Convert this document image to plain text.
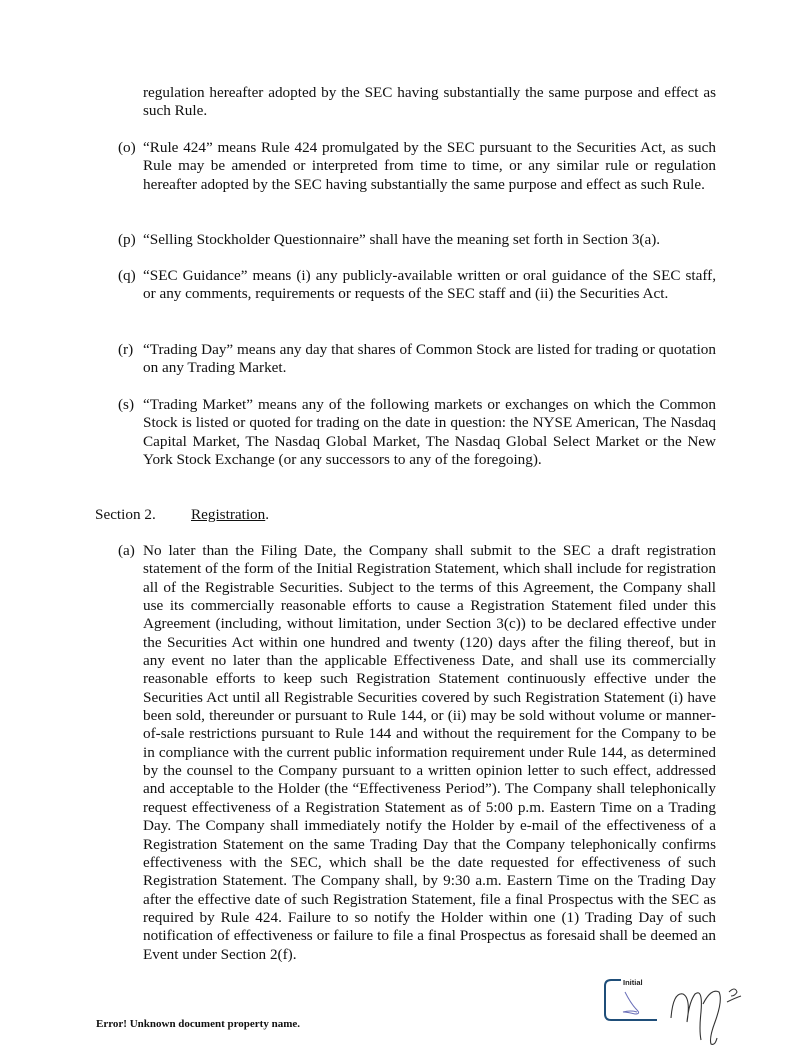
regulation hereafter adopted by the SEC having substantially the same purpose and effect as such Rule.

(o) “Rule 424” means Rule 424 promulgated by the SEC pursuant to the Securities Act, as such Rule may be amended or interpreted from time to time, or any similar rule or regulation hereafter adopted by the SEC having substantially the same purpose and effect as such Rule.

(p) “Selling Stockholder Questionnaire” shall have the meaning set forth in Section 3(a).

(q) “SEC Guidance” means (i) any publicly-available written or oral guidance of the SEC staff, or any comments, requirements or requests of the SEC staff and (ii) the Securities Act.

(r) “Trading Day” means any day that shares of Common Stock are listed for trading or quotation on any Trading Market.

(s) “Trading Market” means any of the following markets or exchanges on which the Common Stock is listed or quoted for trading on the date in question: the NYSE American, The Nasdaq Capital Market, The Nasdaq Global Market, The Nasdaq Global Select Market or the New York Stock Exchange (or any successors to any of the foregoing).

Section 2. Registration.

(a) No later than the Filing Date, the Company shall submit to the SEC a draft registration statement of the form of the Initial Registration Statement, which shall include for registration all of the Registrable Securities. Subject to the terms of this Agreement, the Company shall use its commercially reasonable efforts to cause a Registration Statement filed under this Agreement (including, without limitation, under Section 3(c)) to be declared effective under the Securities Act within one hundred and twenty (120) days after the filing thereof, but in any event no later than the applicable Effectiveness Date, and shall use its commercially reasonable efforts to keep such Registration Statement continuously effective under the Securities Act until all Registrable Securities covered by such Registration Statement (i) have been sold, thereunder or pursuant to Rule 144, or (ii) may be sold without volume or manner-of-sale restrictions pursuant to Rule 144 and without the requirement for the Company to be in compliance with the current public information requirement under Rule 144, as determined by the counsel to the Company pursuant to a written opinion letter to such effect, addressed and acceptable to the Holder (the “Effectiveness Period”). The Company shall telephonically request effectiveness of a Registration Statement as of 5:00 p.m. Eastern Time on a Trading Day. The Company shall immediately notify the Holder by e-mail of the effectiveness of a Registration Statement on the same Trading Day that the Company telephonically confirms effectiveness with the SEC, which shall be the date requested for effectiveness of such Registration Statement. The Company shall, by 9:30 a.m. Eastern Time on the Trading Day after the effective date of such Registration Statement, file a final Prospectus with the SEC as required by Rule 424. Failure to so notify the Holder within one (1) Trading Day of such notification of effectiveness or failure to file a final Prospectus as foresaid shall be deemed an Event under Section 2(f).

Initial
Error! Unknown document property name.
